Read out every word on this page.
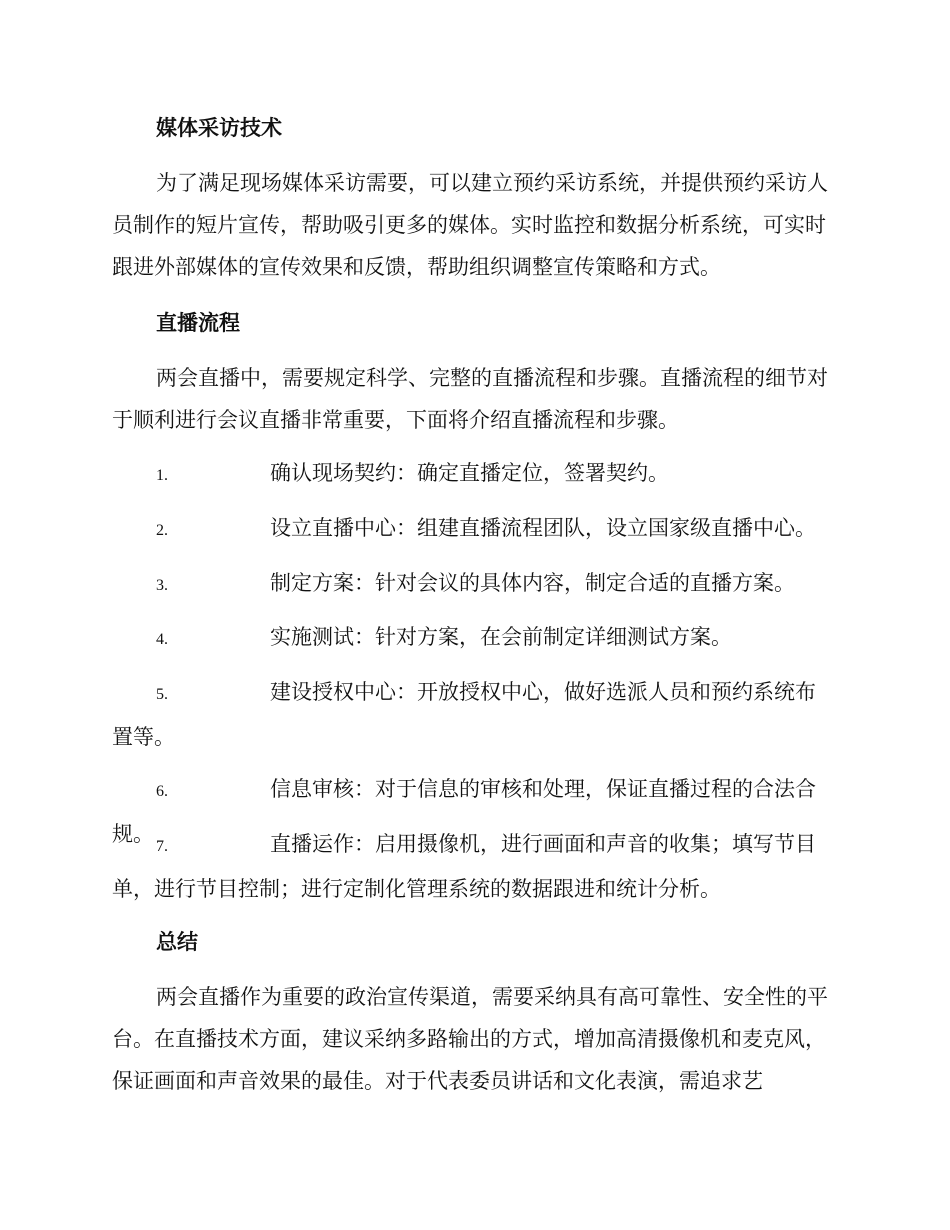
媒体采访技术

为了满足现场媒体采访需要，可以建立预约采访系统，并提供预约采访人员制作的短片宣传，帮助吸引更多的媒体。实时监控和数据分析系统，可实时跟进外部媒体的宣传效果和反馈，帮助组织调整宣传策略和方式。

直播流程

两会直播中，需要规定科学、完整的直播流程和步骤。直播流程的细节对于顺利进行会议直播非常重要，下面将介绍直播流程和步骤。

1.	确认现场契约：确定直播定位，签署契约。
2.	设立直播中心：组建直播流程团队，设立国家级直播中心。
3.	制定方案：针对会议的具体内容，制定合适的直播方案。
4.	实施测试：针对方案，在会前制定详细测试方案。
5.	建设授权中心：开放授权中心，做好选派人员和预约系统布置等。
6.	信息审核：对于信息的审核和处理，保证直播过程的合法合规。
7.	直播运作：启用摄像机，进行画面和声音的收集；填写节目单，进行节目控制；进行定制化管理系统的数据跟进和统计分析。
总结

两会直播作为重要的政治宣传渠道，需要采纳具有高可靠性、安全性的平台。在直播技术方面，建议采纳多路输出的方式，增加高清摄像机和麦克风，保证画面和声音效果的最佳。对于代表委员讲话和文化表演，需追求艺
